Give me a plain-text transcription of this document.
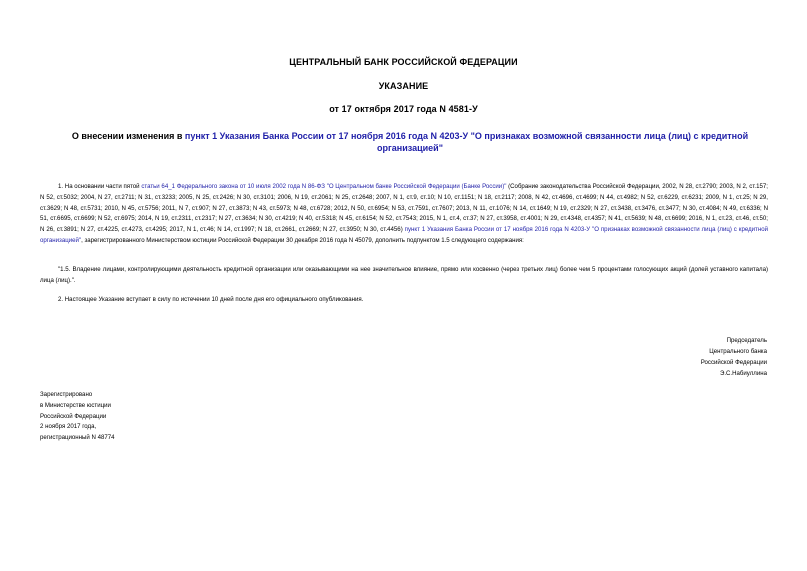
ЦЕНТРАЛЬНЫЙ БАНК РОССИЙСКОЙ ФЕДЕРАЦИИ
УКАЗАНИЕ
от 17 октября 2017 года N 4581-У
О внесении изменения в пункт 1 Указания Банка России от 17 ноября 2016 года N 4203-У "О признаках возможной связанности лица (лиц) с кредитной организацией"
1. На основании части пятой статьи 64_1 Федерального закона от 10 июля 2002 года N 86-ФЗ "О Центральном банке Российской Федерации (Банке России)" (Собрание законодательства Российской Федерации, 2002, N 28, ст.2790; 2003, N 2, ст.157; N 52, ст.5032; 2004, N 27, ст.2711; N 31, ст.3233; 2005, N 25, ст.2426; N 30, ст.3101; 2006, N 19, ст.2061; N 25, ст.2648; 2007, N 1, ст.9, ст.10; N 10, ст.1151; N 18, ст.2117; 2008, N 42, ст.4696, ст.4699; N 44, ст.4982; N 52, ст.6229, ст.6231; 2009, N 1, ст.25; N 29, ст.3629; N 48, ст.5731; 2010, N 45, ст.5756; 2011, N 7, ст.907; N 27, ст.3873; N 43, ст.5973; N 48, ст.6728; 2012, N 50, ст.6954; N 53, ст.7591, ст.7607; 2013, N 11, ст.1076; N 14, ст.1649; N 19, ст.2329; N 27, ст.3438, ст.3476, ст.3477; N 30, ст.4084; N 49, ст.6336; N 51, ст.6695, ст.6699; N 52, ст.6975; 2014, N 19, ст.2311, ст.2317; N 27, ст.3634; N 30, ст.4219; N 40, ст.5318; N 45, ст.6154; N 52, ст.7543; 2015, N 1, ст.4, ст.37; N 27, ст.3958, ст.4001; N 29, ст.4348, ст.4357; N 41, ст.5639; N 48, ст.6699; 2016, N 1, ст.23, ст.46, ст.50; N 26, ст.3891; N 27, ст.4225, ст.4273, ст.4295; 2017, N 1, ст.46; N 14, ст.1997; N 18, ст.2661, ст.2669; N 27, ст.3950; N 30, ст.4456) пункт 1 Указания Банка России от 17 ноября 2016 года N 4203-У "О признаках возможной связанности лица (лиц) с кредитной организацией", зарегистрированного Министерством юстиции Российской Федерации 30 декабря 2016 года N 45079, дополнить подпунктом 1.5 следующего содержания:
"1.5. Владение лицами, контролирующими деятельность кредитной организации или оказывающими на нее значительное влияние, прямо или косвенно (через третьих лиц) более чем 5 процентами голосующих акций (долей уставного капитала) лица (лиц).".
2. Настоящее Указание вступает в силу по истечении 10 дней после дня его официального опубликования.
Председатель
Центрального банка
Российской Федерации
Э.С.Набиуллина
Зарегистрировано
в Министерстве юстиции
Российской Федерации
2 ноября 2017 года,
регистрационный N 48774
